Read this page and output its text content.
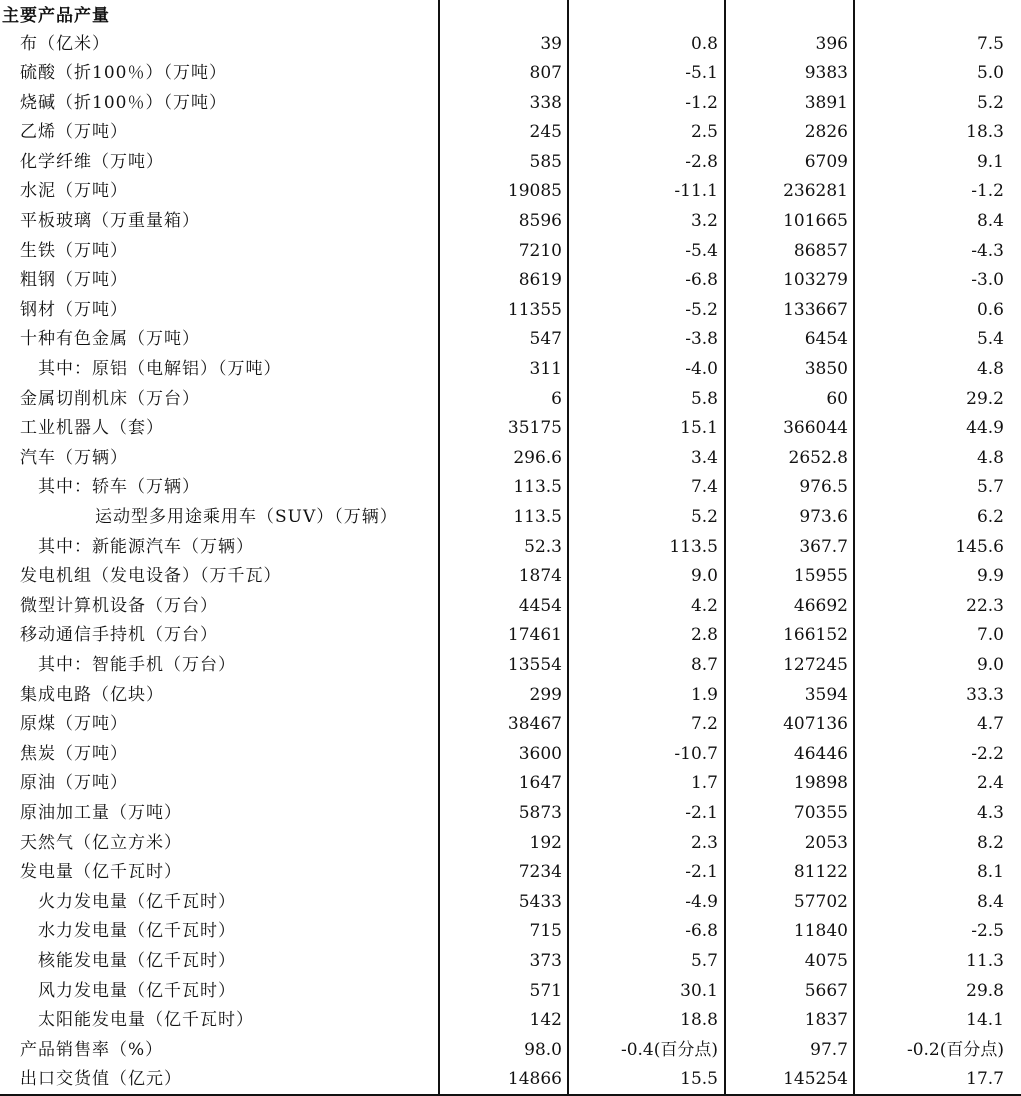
主要产品产量
布（亿米）	39	0.8	396	7.5
硫酸（折100％）（万吨）	807	-5.1	9383	5.0
烧碱（折100％）（万吨）	338	-1.2	3891	5.2
乙烯（万吨）	245	2.5	2826	18.3
化学纤维（万吨）	585	-2.8	6709	9.1
水泥（万吨）	19085	-11.1	236281	-1.2
平板玻璃（万重量箱）	8596	3.2	101665	8.4
生铁（万吨）	7210	-5.4	86857	-4.3
粗钢（万吨）	8619	-6.8	103279	-3.0
钢材（万吨）	11355	-5.2	133667	0.6
十种有色金属（万吨）	547	-3.8	6454	5.4
其中：原铝（电解铝）（万吨）	311	-4.0	3850	4.8
金属切削机床（万台）	6	5.8	60	29.2
工业机器人（套）	35175	15.1	366044	44.9
汽车（万辆）	296.6	3.4	2652.8	4.8
其中：轿车（万辆）	113.5	7.4	976.5	5.7
运动型多用途乘用车（SUV）（万辆）	113.5	5.2	973.6	6.2
其中：新能源汽车（万辆）	52.3	113.5	367.7	145.6
发电机组（发电设备）（万千瓦）	1874	9.0	15955	9.9
微型计算机设备（万台）	4454	4.2	46692	22.3
移动通信手持机（万台）	17461	2.8	166152	7.0
其中：智能手机（万台）	13554	8.7	127245	9.0
集成电路（亿块）	299	1.9	3594	33.3
原煤（万吨）	38467	7.2	407136	4.7
焦炭（万吨）	3600	-10.7	46446	-2.2
原油（万吨）	1647	1.7	19898	2.4
原油加工量（万吨）	5873	-2.1	70355	4.3
天然气（亿立方米）	192	2.3	2053	8.2
发电量（亿千瓦时）	7234	-2.1	81122	8.1
火力发电量（亿千瓦时）	5433	-4.9	57702	8.4
水力发电量（亿千瓦时）	715	-6.8	11840	-2.5
核能发电量（亿千瓦时）	373	5.7	4075	11.3
风力发电量（亿千瓦时）	571	30.1	5667	29.8
太阳能发电量（亿千瓦时）	142	18.8	1837	14.1
产品销售率（%）	98.0	-0.4(百分点)	97.7	-0.2(百分点)
出口交货值（亿元）	14866	15.5	145254	17.7
